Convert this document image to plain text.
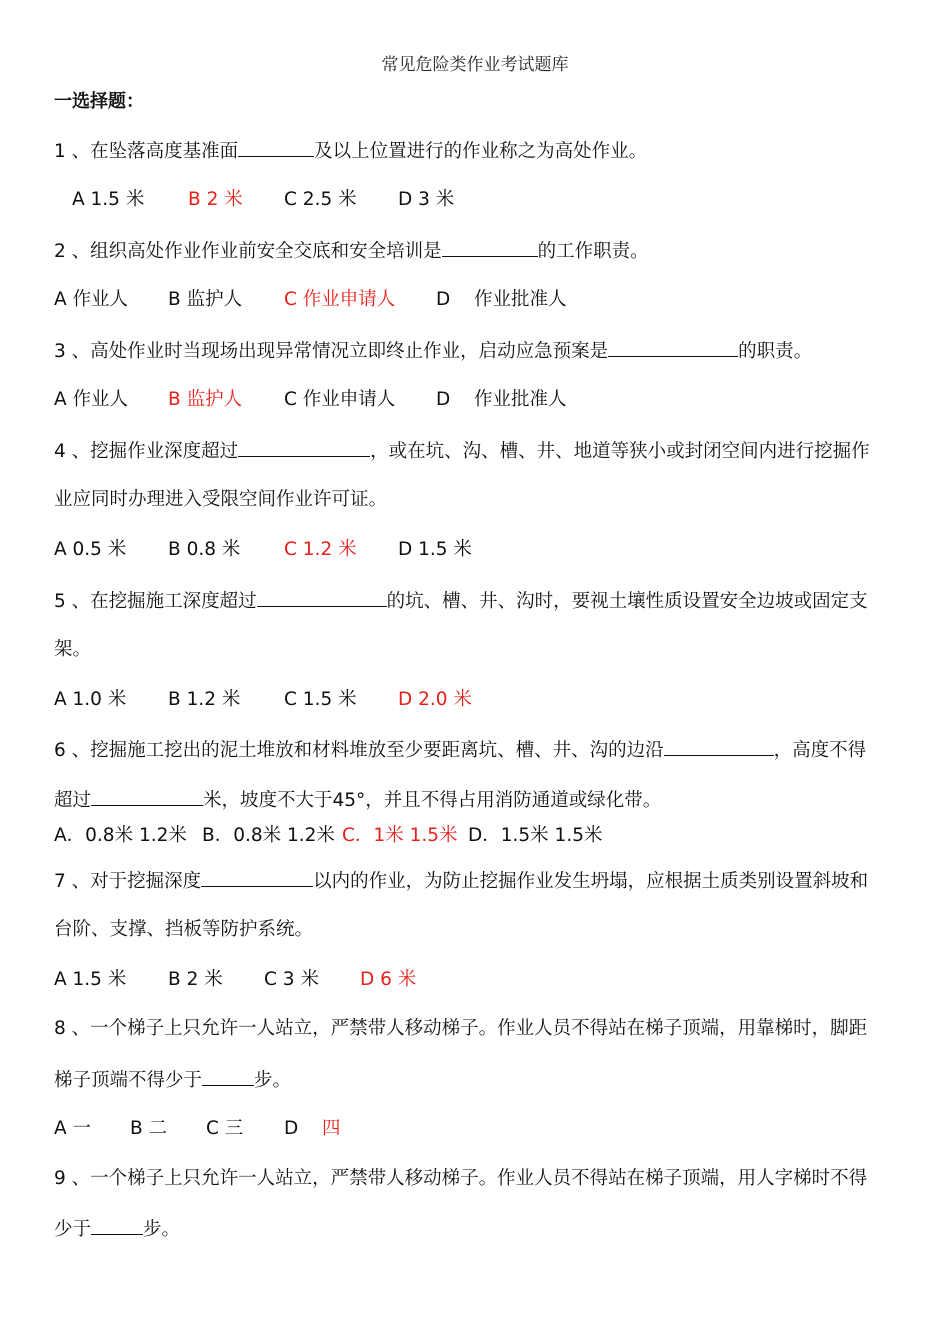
常见危险类作业考试题库
一选择题：
1 、在坠落高度基准面	及以上位置进行的作业称之为高处作业。
A 1.5 米 B 2 米 C 2.5 米 D 3 米
2 、组织高处作业作业前安全交底和安全培训是	的工作职责。
A 作业人 B 监护人 C 作业申请人 D 作业批准人
3 、高处作业时当现场出现异常情况立即终止作业，启动应急预案是	的职责。
A 作业人 B 监护人 C 作业申请人 D 作业批准人
4 、挖掘作业深度超过	，或在坑、沟、槽、井、地道等狭小或封闭空间内进行挖掘作
业应同时办理进入受限空间作业许可证。
A 0.5 米 B 0.8 米 C 1.2 米 D 1.5 米
5 、在挖掘施工深度超过	的坑、槽、井、沟时，要视土壤性质设置安全边坡或固定支
架。
A 1.0 米 B 1.2 米 C 1.5 米 D 2.0 米
6 、挖掘施工挖出的泥土堆放和材料堆放至少要距离坑、槽、井、沟的边沿	，高度不得
超过	米，坡度不大于45°，并且不得占用消防通道或绿化带。
A．0.8米 1.2米 B．0.8米 1.2米 C．1米 1.5米 D．1.5米 1.5米
7 、对于挖掘深度	以内的作业，为防止挖掘作业发生坍塌，应根据土质类别设置斜坡和
台阶、支撑、挡板等防护系统。
A 1.5 米 B 2 米 C 3 米 D 6 米
8 、一个梯子上只允许一人站立，严禁带人移动梯子。作业人员不得站在梯子顶端，用靠梯时，脚距
梯子顶端不得少于	步。
A 一 B 二 C 三 D 四
9 、一个梯子上只允许一人站立，严禁带人移动梯子。作业人员不得站在梯子顶端，用人字梯时不得
少于	步。
